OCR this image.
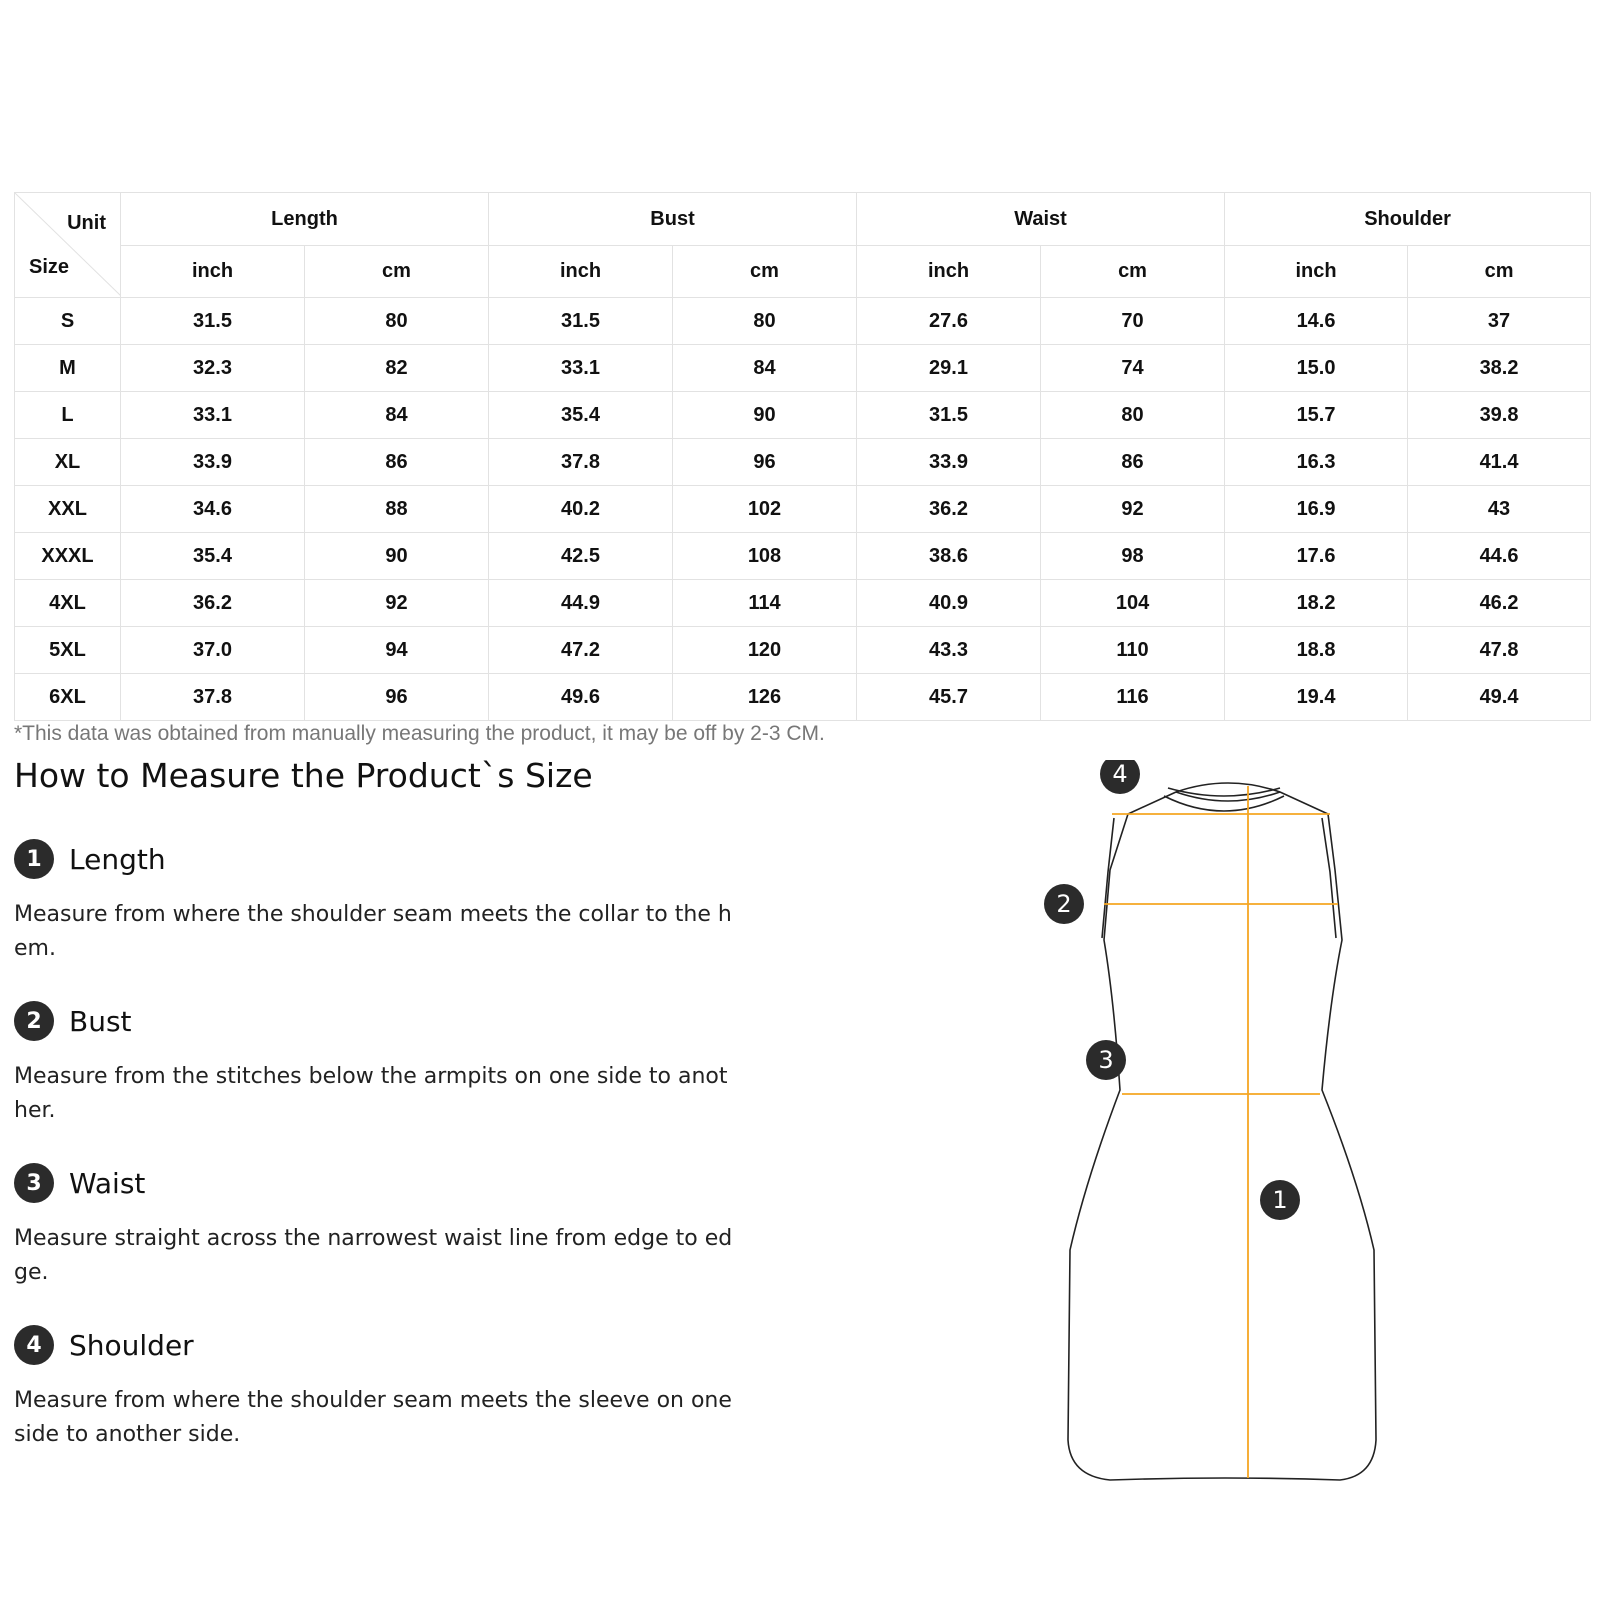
Unit
Size	Length		Bust		Waist		Shoulder	
	inch	cm	inch	cm	inch	cm	inch	cm
S	31.5	80	31.5	80	27.6	70	14.6	37
M	32.3	82	33.1	84	29.1	74	15.0	38.2
L	33.1	84	35.4	90	31.5	80	15.7	39.8
XL	33.9	86	37.8	96	33.9	86	16.3	41.4
XXL	34.6	88	40.2	102	36.2	92	16.9	43
XXXL	35.4	90	42.5	108	38.6	98	17.6	44.6
4XL	36.2	92	44.9	114	40.9	104	18.2	46.2
5XL	37.0	94	47.2	120	43.3	110	18.8	47.8
6XL	37.8	96	49.6	126	45.7	116	19.4	49.4
*This data was obtained from manually measuring the product, it may be off by 2-3 CM.
How to Measure the Product`s Size
1 Length
Measure from where the shoulder seam meets the collar to the hem.
2 Bust
Measure from the stitches below the armpits on one side to another.
3 Waist
Measure straight across the narrowest waist line from edge to edge.
4 Shoulder
Measure from where the shoulder seam meets the sleeve on one side to another side.
4
2
3
1
